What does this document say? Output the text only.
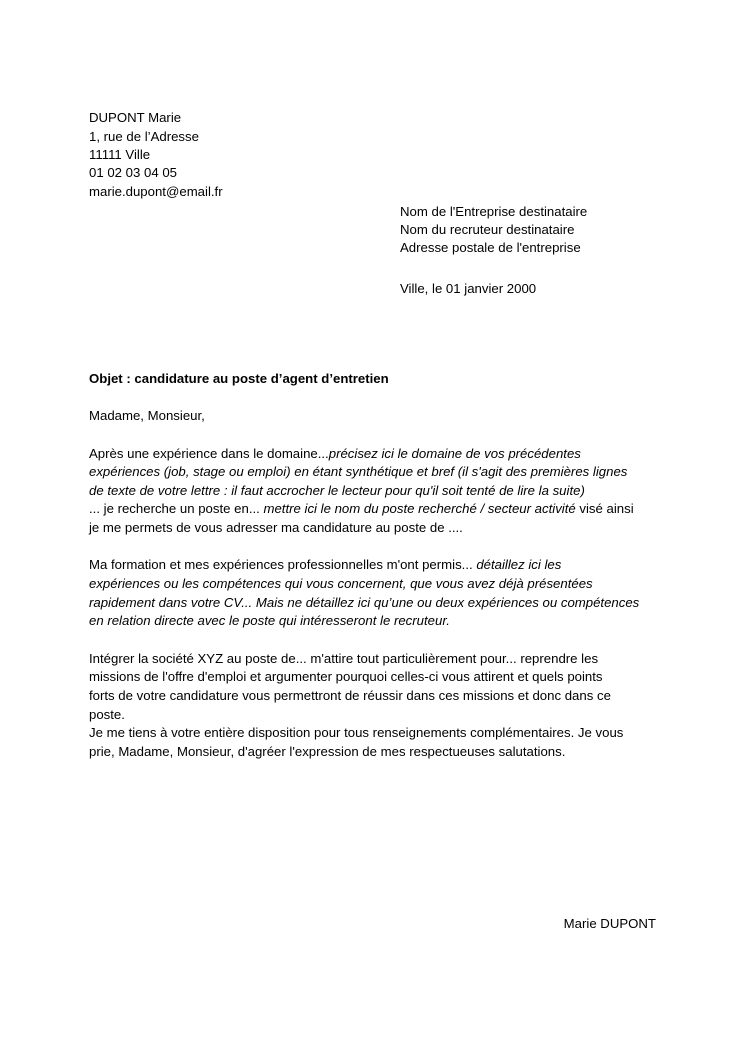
DUPONT Marie

1, rue de l’Adresse

11111 Ville

01 02 03 04 05

marie.dupont@email.fr

Nom de l'Entreprise destinataire

Nom du recruteur destinataire

Adresse postale de l'entreprise

Ville, le 01 janvier 2000

Objet : candidature au poste d’agent d’entretien

Madame, Monsieur,

Après une expérience dans le domaine...précisez ici le domaine de vos précédentes

expériences (job, stage ou emploi) en étant synthétique et bref (il s'agit des premières lignes

de texte de votre lettre : il faut accrocher le lecteur pour qu'il soit tenté de lire la suite)

... je recherche un poste en... mettre ici le nom du poste recherché / secteur activité visé ainsi

je me permets de vous adresser ma candidature au poste de ....

Ma formation et mes expériences professionnelles m'ont permis... détaillez ici les

expériences ou les compétences qui vous concernent, que vous avez déjà présentées

rapidement dans votre CV... Mais ne détaillez ici qu’une ou deux expériences ou compétences

en relation directe avec le poste qui intéresseront le recruteur.

Intégrer la société XYZ au poste de... m'attire tout particulièrement pour... reprendre les

missions de l'offre d'emploi et argumenter pourquoi celles-ci vous attirent et quels points

forts de votre candidature vous permettront de réussir dans ces missions et donc dans ce

poste.

Je me tiens à votre entière disposition pour tous renseignements complémentaires. Je vous

prie, Madame, Monsieur, d'agréer l'expression de mes respectueuses salutations.

Marie DUPONT
